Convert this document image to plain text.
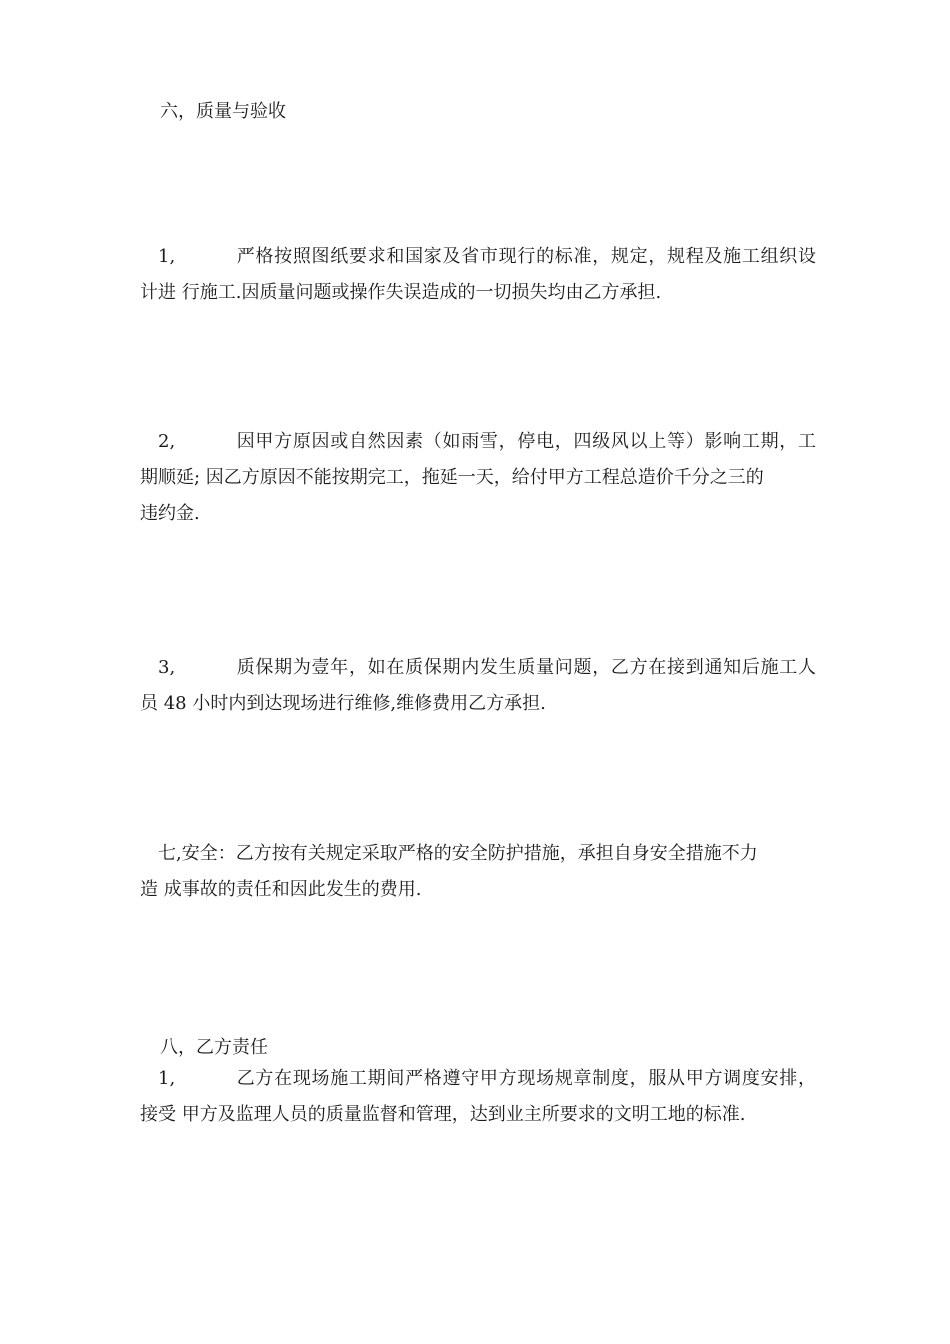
六，质量与验收
1,	严格按照图纸要求和国家及省市现行的标准，规定，规程及施工组织设
计进 行施工.因质量问题或操作失误造成的一切损失均由乙方承担.
2,	因甲方原因或自然因素（如雨雪，停电，四级风以上等）影响工期，工
期顺延; 因乙方原因不能按期完工，拖延一天，给付甲方工程总造价千分之三的
违约金.
3,	质保期为壹年，如在质保期内发生质量问题，乙方在接到通知后施工人
员 48 小时内到达现场进行维修,维修费用乙方承担.
七,安全：乙方按有关规定采取严格的安全防护措施，承担自身安全措施不力
造 成事故的责任和因此发生的费用.
八，乙方责任
1,	乙方在现场施工期间严格遵守甲方现场规章制度，服从甲方调度安排，
接受 甲方及监理人员的质量监督和管理，达到业主所要求的文明工地的标准.
